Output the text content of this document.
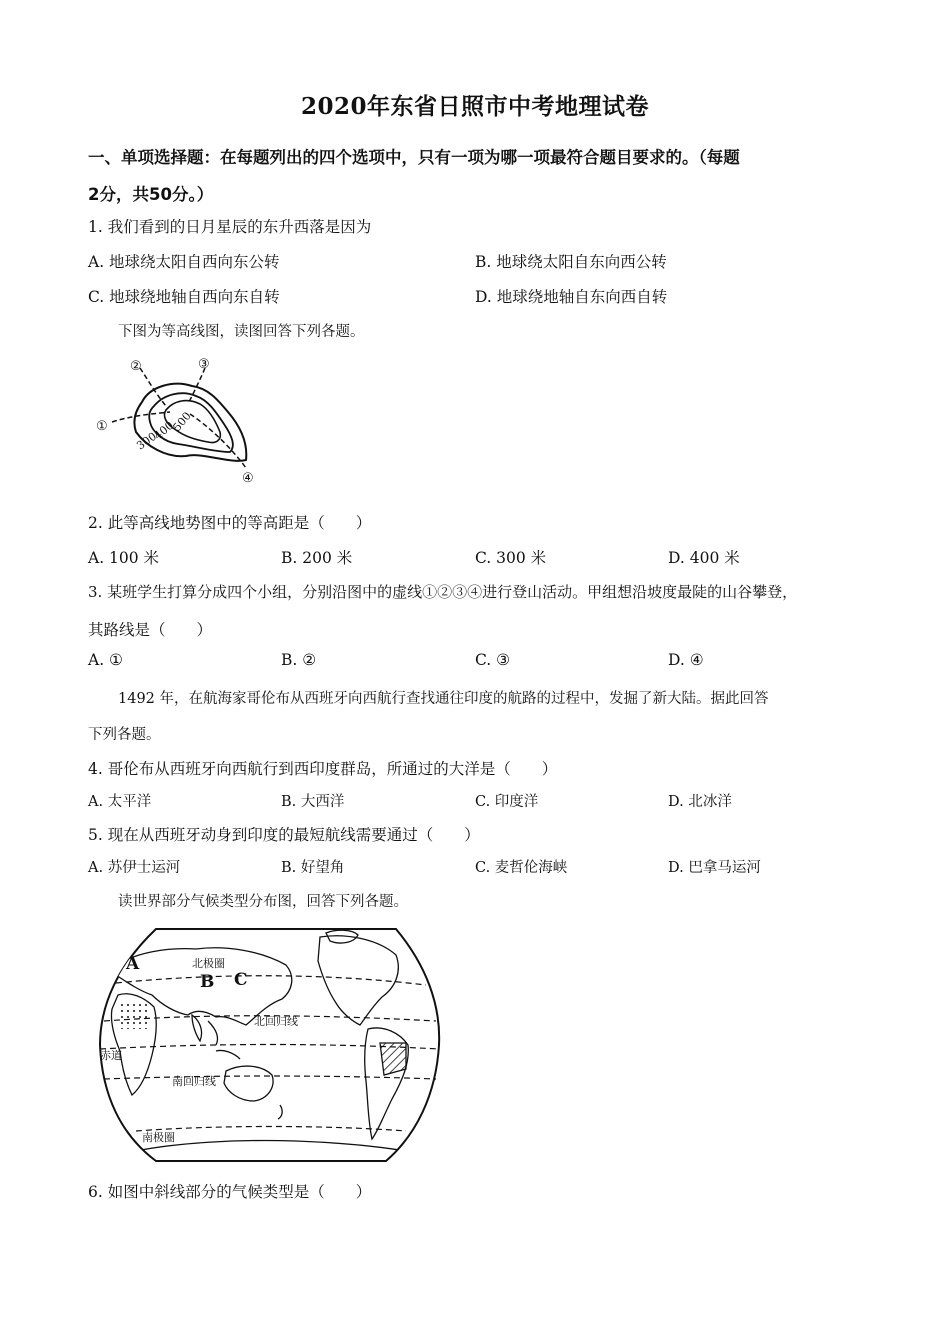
2020年东省日照市中考地理试卷
一、单项选择题：在每题列出的四个选项中，只有一项为哪一项最符合题目要求的。（每题
2分，共50分。）
1. 我们看到的日月星辰的东升西落是因为
A. 地球绕太阳自西向东公转	B. 地球绕太阳自东向西公转
C. 地球绕地轴自西向东自转	D. 地球绕地轴自东向西自转
下图为等高线图，读图回答下列各题。
①
②	③
④
300
400
500
2. 此等高线地势图中的等高距是（　　）
A. 100 米	B. 200 米	C. 300 米	D. 400 米
3. 某班学生打算分成四个小组，分别沿图中的虚线①②③④进行登山活动。甲组想沿坡度最陡的山谷攀登，
其路线是（　　）
A. ①	B. ②	C. ③	D. ④
1492 年，在航海家哥伦布从西班牙向西航行查找通往印度的航路的过程中，发掘了新大陆。据此回答
下列各题。
4. 哥伦布从西班牙向西航行到西印度群岛，所通过的大洋是（　　）
A. 太平洋	B. 大西洋	C. 印度洋	D. 北冰洋
5. 现在从西班牙动身到印度的最短航线需要通过（　　）
A. 苏伊士运河	B. 好望角	C. 麦哲伦海峡	D. 巴拿马运河
读世界部分气候类型分布图，回答下列各题。
A
B C
北极圈
北回归线
赤道
南回归线
南极圈
6. 如图中斜线部分的气候类型是（　　）
